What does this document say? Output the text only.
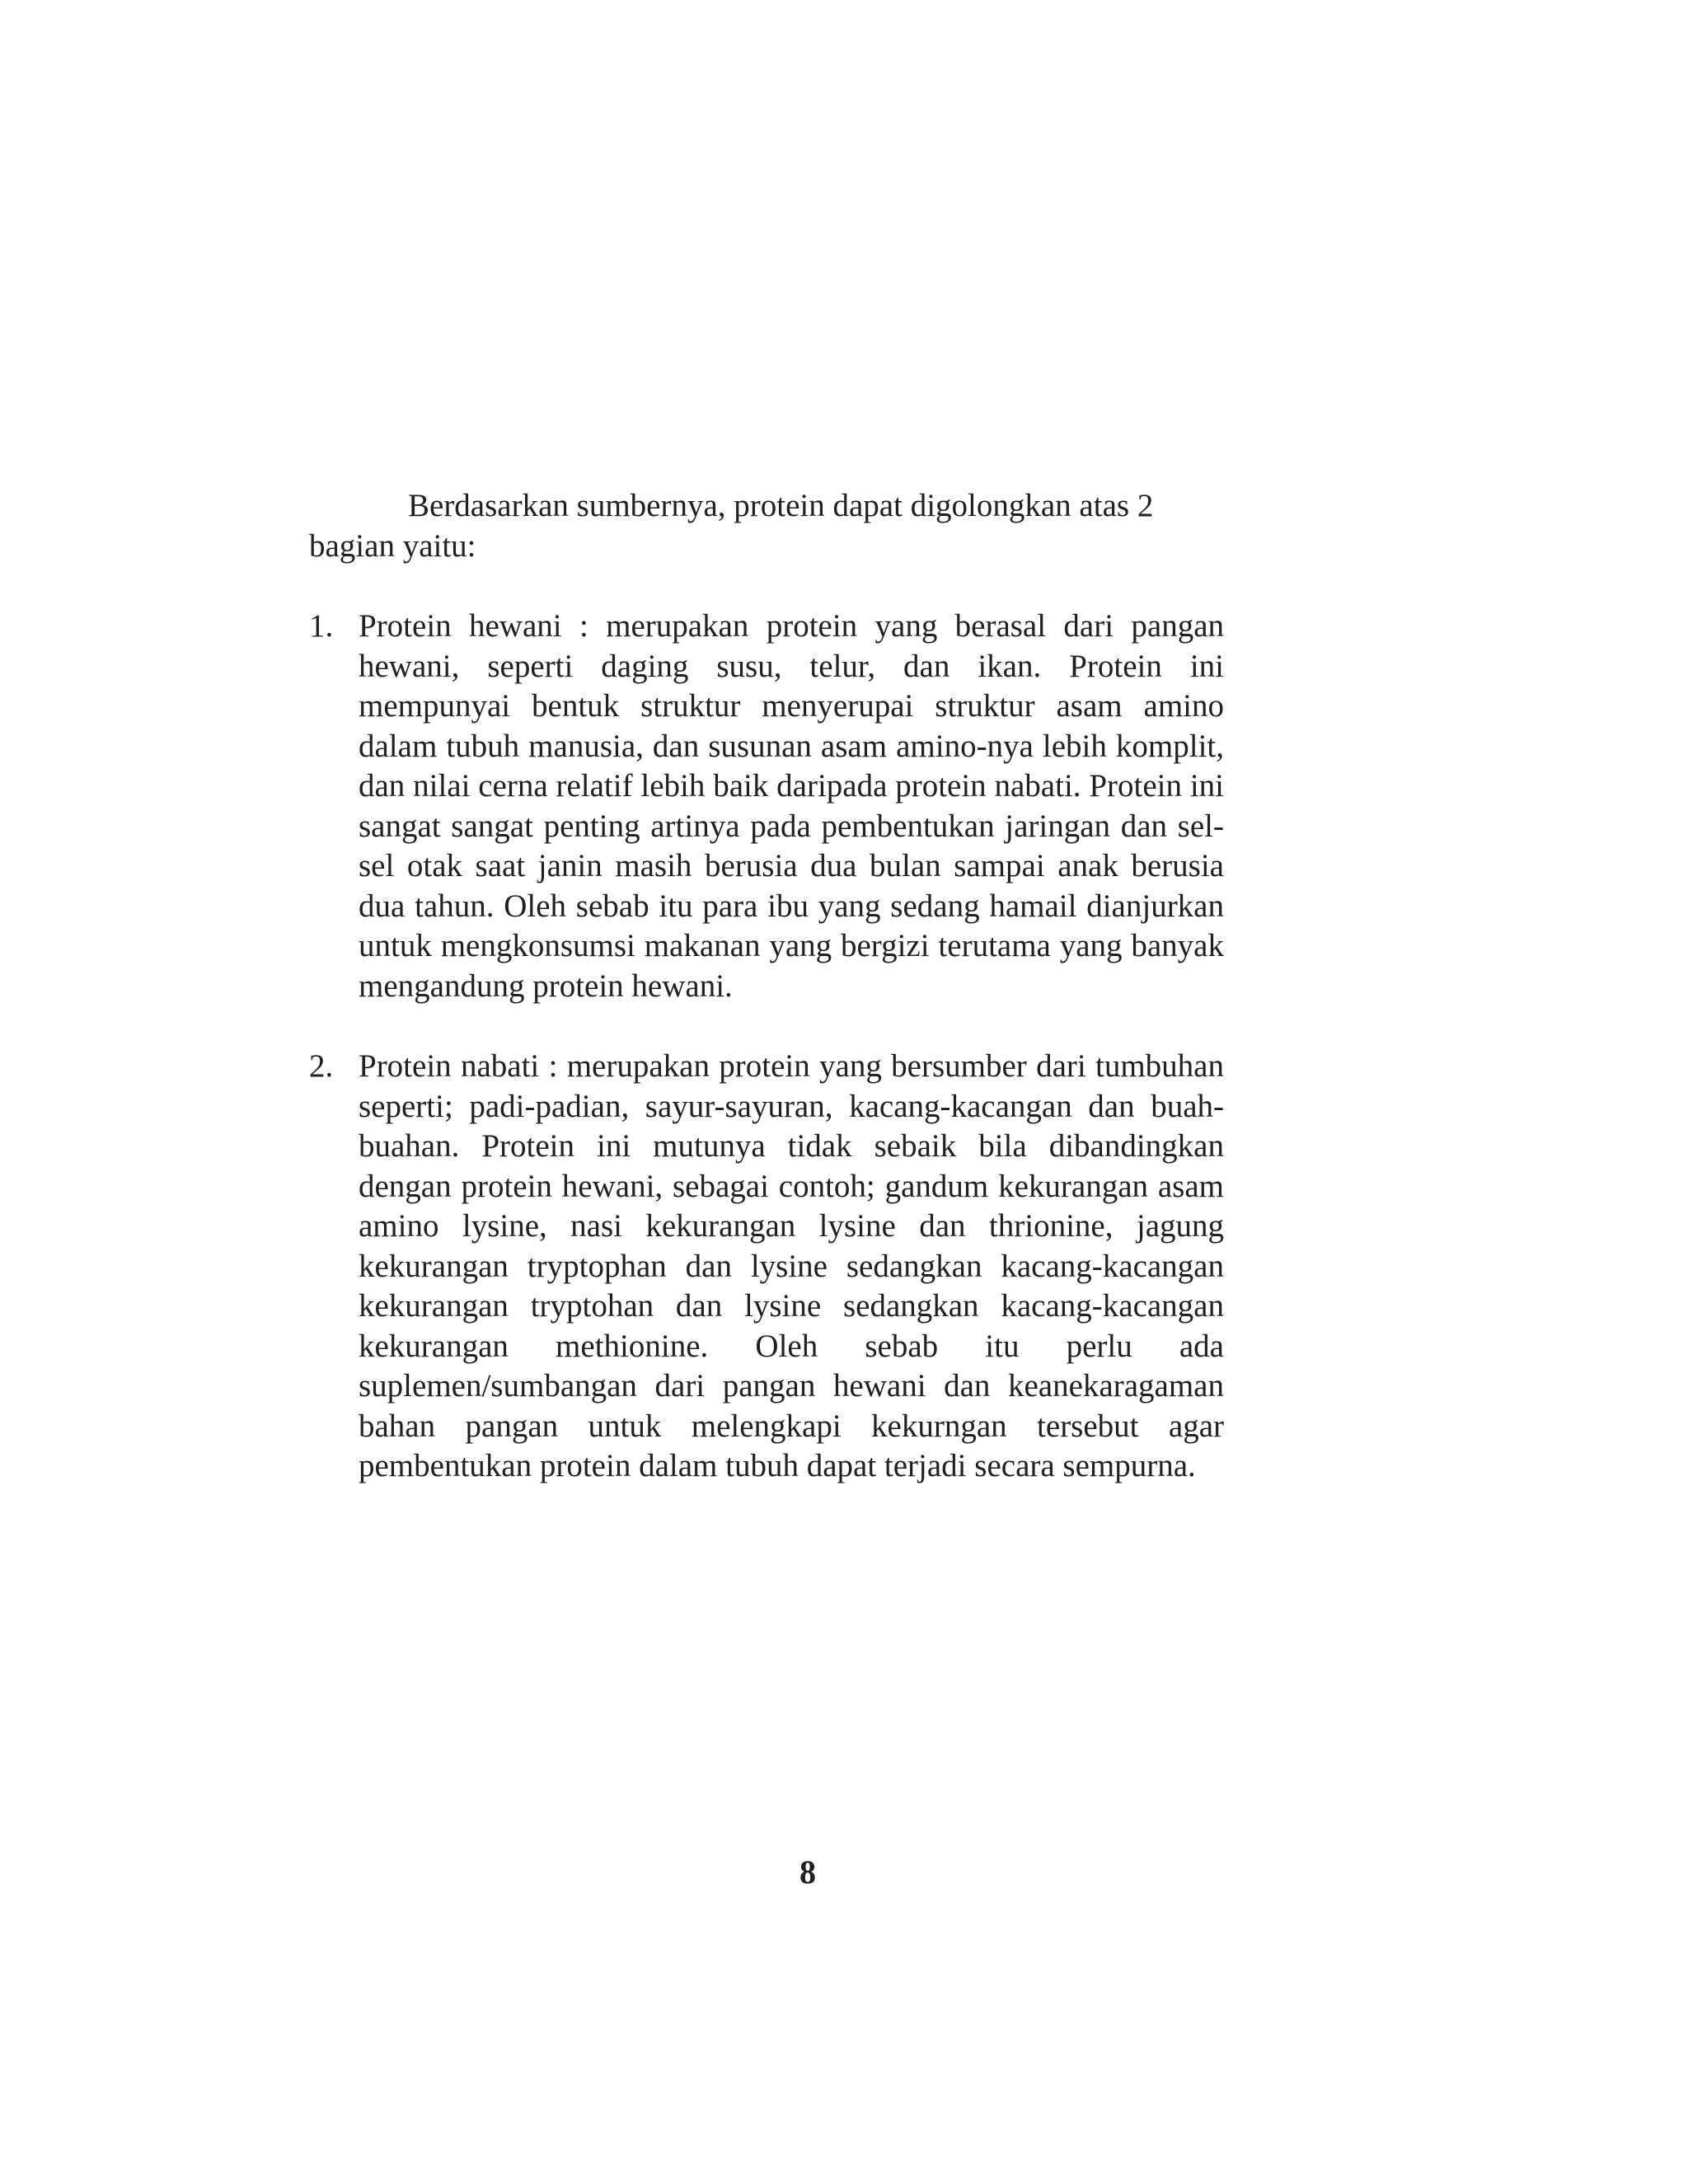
Berdasarkan sumbernya, protein dapat digolongkan atas 2 bagian yaitu:

1. Protein hewani : merupakan protein yang berasal dari pangan hewani, seperti daging susu, telur, dan ikan. Protein ini mempunyai bentuk struktur menyerupai struktur asam amino dalam tubuh manusia, dan susunan asam amino-nya lebih komplit, dan nilai cerna relatif lebih baik daripada protein nabati. Protein ini sangat sangat penting artinya pada pembentukan jaringan dan sel-sel otak saat janin masih berusia dua bulan sampai anak berusia dua tahun. Oleh sebab itu para ibu yang sedang hamail dianjurkan untuk mengkonsumsi makanan yang bergizi terutama yang banyak mengandung protein hewani.
2. Protein nabati : merupakan protein yang bersumber dari tumbuhan seperti; padi-padian, sayur-sayuran, kacang-kacangan dan buah-buahan. Protein ini mutunya tidak sebaik bila dibandingkan dengan protein hewani, sebagai contoh; gandum kekurangan asam amino lysine, nasi kekurangan lysine dan thrionine, jagung kekurangan tryptophan dan lysine sedangkan kacang-kacangan kekurangan tryptohan dan lysine sedangkan kacang-kacangan kekurangan methionine. Oleh sebab itu perlu ada suplemen/sumbangan dari pangan hewani dan keanekaragaman bahan pangan untuk melengkapi kekurngan tersebut agar pembentukan protein dalam tubuh dapat terjadi secara sempurna.
8
